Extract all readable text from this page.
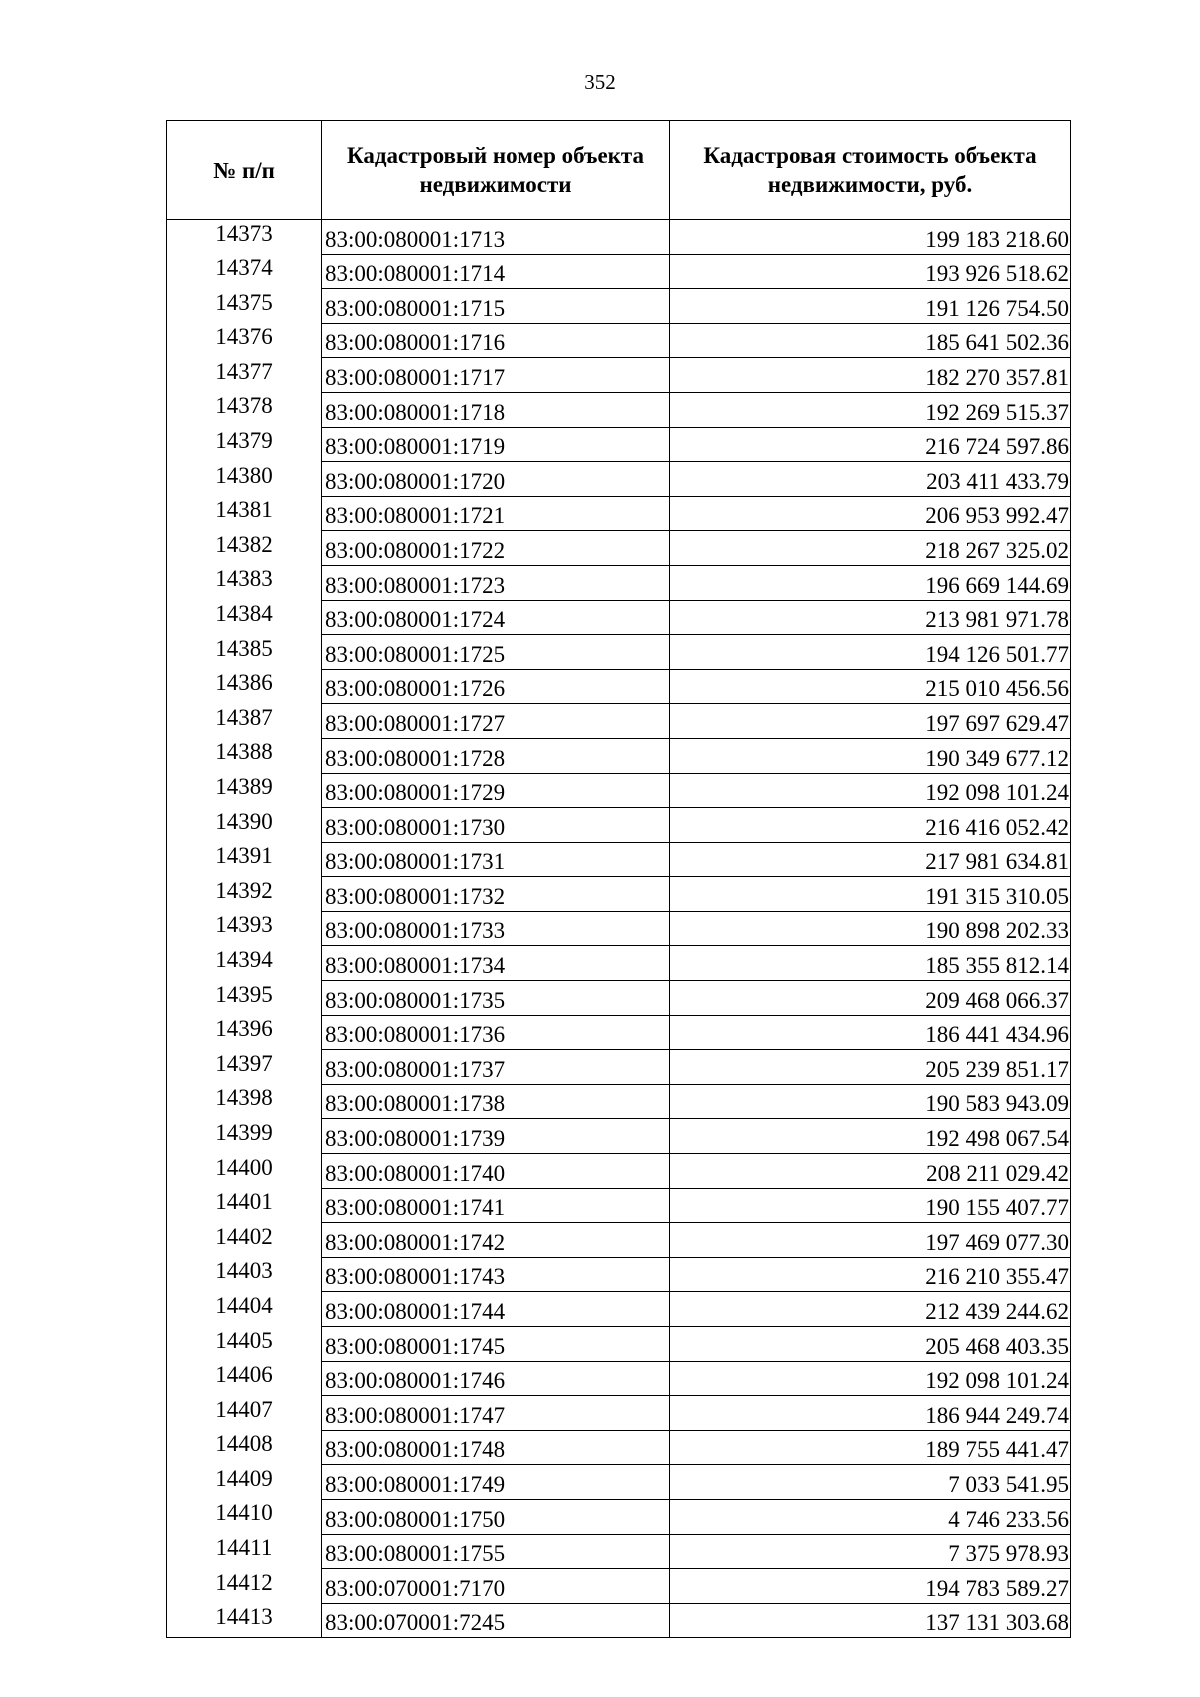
352
№ п/п	Кадастровый номер объекта недвижимости	Кадастровая стоимость объекта недвижимости, руб.
14373	83:00:080001:1713	199 183 218.60
14374	83:00:080001:1714	193 926 518.62
14375	83:00:080001:1715	191 126 754.50
14376	83:00:080001:1716	185 641 502.36
14377	83:00:080001:1717	182 270 357.81
14378	83:00:080001:1718	192 269 515.37
14379	83:00:080001:1719	216 724 597.86
14380	83:00:080001:1720	203 411 433.79
14381	83:00:080001:1721	206 953 992.47
14382	83:00:080001:1722	218 267 325.02
14383	83:00:080001:1723	196 669 144.69
14384	83:00:080001:1724	213 981 971.78
14385	83:00:080001:1725	194 126 501.77
14386	83:00:080001:1726	215 010 456.56
14387	83:00:080001:1727	197 697 629.47
14388	83:00:080001:1728	190 349 677.12
14389	83:00:080001:1729	192 098 101.24
14390	83:00:080001:1730	216 416 052.42
14391	83:00:080001:1731	217 981 634.81
14392	83:00:080001:1732	191 315 310.05
14393	83:00:080001:1733	190 898 202.33
14394	83:00:080001:1734	185 355 812.14
14395	83:00:080001:1735	209 468 066.37
14396	83:00:080001:1736	186 441 434.96
14397	83:00:080001:1737	205 239 851.17
14398	83:00:080001:1738	190 583 943.09
14399	83:00:080001:1739	192 498 067.54
14400	83:00:080001:1740	208 211 029.42
14401	83:00:080001:1741	190 155 407.77
14402	83:00:080001:1742	197 469 077.30
14403	83:00:080001:1743	216 210 355.47
14404	83:00:080001:1744	212 439 244.62
14405	83:00:080001:1745	205 468 403.35
14406	83:00:080001:1746	192 098 101.24
14407	83:00:080001:1747	186 944 249.74
14408	83:00:080001:1748	189 755 441.47
14409	83:00:080001:1749	7 033 541.95
14410	83:00:080001:1750	4 746 233.56
14411	83:00:080001:1755	7 375 978.93
14412	83:00:070001:7170	194 783 589.27
14413	83:00:070001:7245	137 131 303.68
